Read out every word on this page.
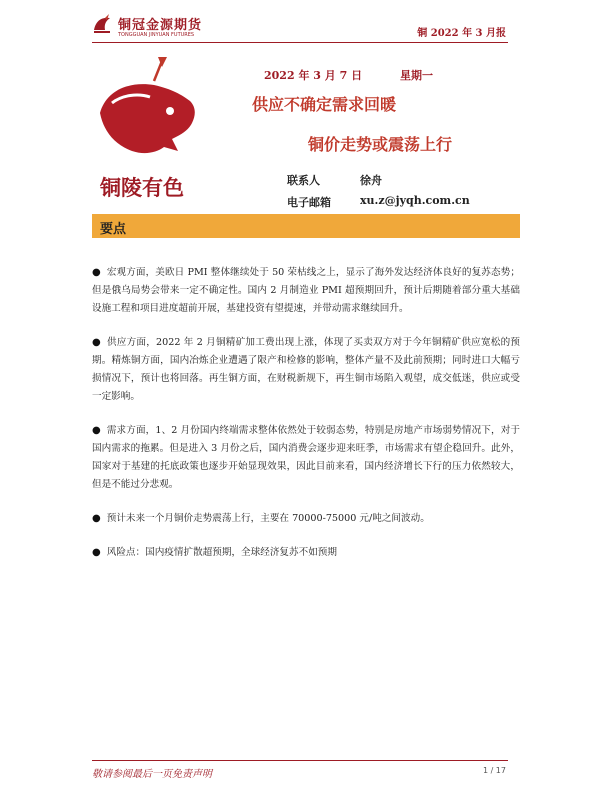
铜冠金源期货
TONGGUAN JINYUAN FUTURES	铜 2022 年 3 月报
铜陵有色
2022 年 3 月 7 日	星期一
供应不确定需求回暖
铜价走势或震荡上行
联系人	徐舟
电子邮箱	xu.z@jyqh.com.cn
要点

● 宏观方面，美欧日 PMI 整体继续处于 50 荣枯线之上，显示了海外发达经济体良好的复苏态势；但是俄乌局势会带来一定不确定性。国内 2 月制造业 PMI 超预期回升，预计后期随着部分重大基础设施工程和项目进度超前开展，基建投资有望提速，并带动需求继续回升。

● 供应方面，2022 年 2 月铜精矿加工费出现上涨，体现了买卖双方对于今年铜精矿供应宽松的预期。精炼铜方面，国内冶炼企业遭遇了限产和检修的影响，整体产量不及此前预期；同时进口大幅亏损情况下，预计也将回落。再生铜方面，在财税新规下，再生铜市场陷入观望，成交低迷，供应或受一定影响。

● 需求方面，1、2 月份国内终端需求整体依然处于较弱态势，特别是房地产市场弱势情况下，对于国内需求的拖累。但是进入 3 月份之后，国内消费会逐步迎来旺季，市场需求有望企稳回升。此外，国家对于基建的托底政策也逐步开始显现效果，因此目前来看，国内经济增长下行的压力依然较大，但是不能过分悲观。

● 预计未来一个月铜价走势震荡上行，主要在 70000-75000 元/吨之间波动。

● 风险点：国内疫情扩散超预期，全球经济复苏不如预期

敬请参阅最后一页免责声明	1 / 17
